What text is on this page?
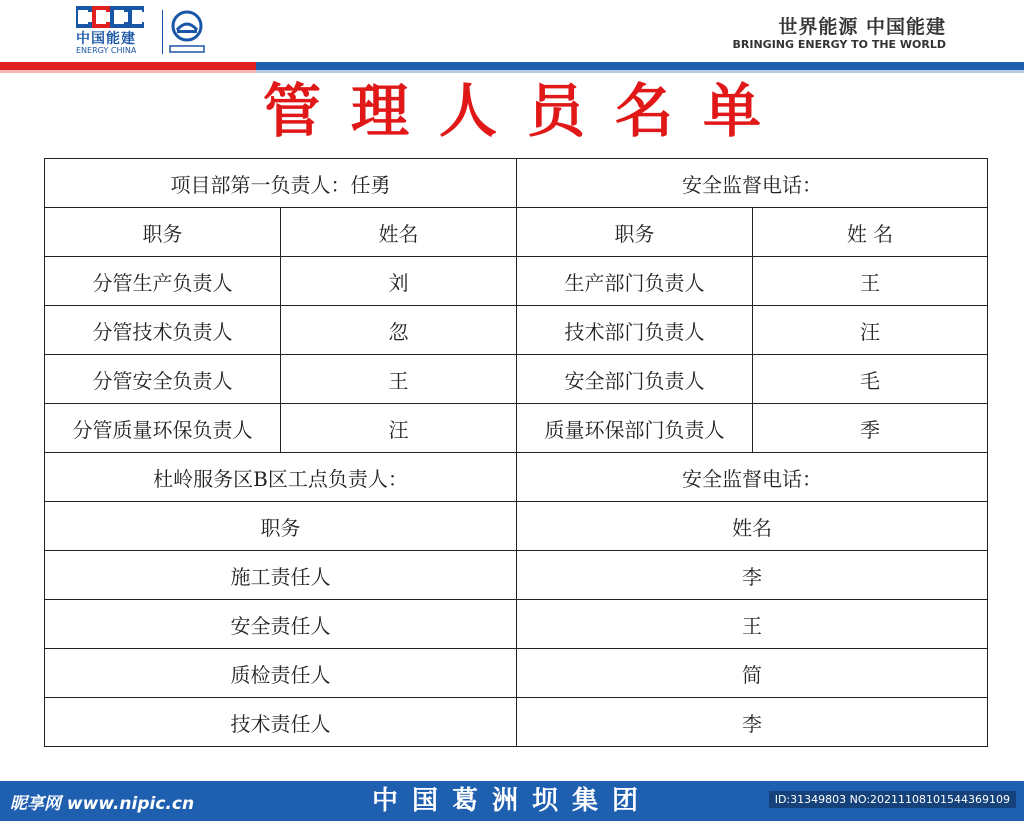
中国能建
ENERGY CHINA
世界能源 中国能建
BRINGING ENERGY TO THE WORLD
管理人员名单
项目部第一负责人：任勇		安全监督电话：	
职务	姓名	职务	姓 名
分管生产负责人	刘	生产部门负责人	王
分管技术负责人	忽	技术部门负责人	汪
分管安全负责人	王	安全部门负责人	毛
分管质量环保负责人	汪	质量环保部门负责人	季
杜岭服务区B区工点负责人：		安全监督电话：	
职务		姓名	
施工责任人		李	
安全责任人		王	
质检责任人		简	
技术责任人		李	
中国葛洲坝集团
昵享网 www.nipic.cn	ID:31349803 NO:20211108101544369109
